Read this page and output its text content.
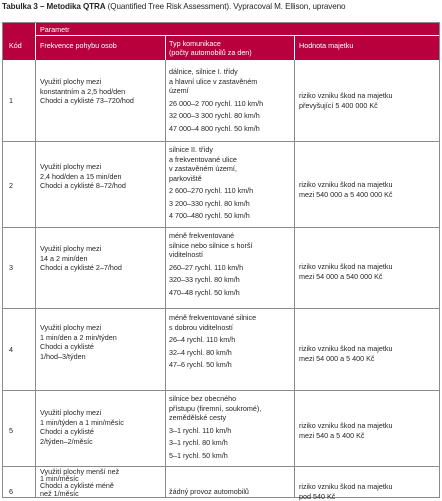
Tabulka 3 – Metodika QTRA (Quantified Tree Risk Assessment). Vypracoval M. Ellison, upraveno
Kód
Parametr
Frekvence pohybu osob	Typ komunikace
(počty automobilů za den)
Hodnota majetku
1
Využití plochy mezi
konstantním a 2,5 hod/den
Chodci a cyklisté 73–720/hod
dálnice, silnice I. třídy
a hlavní ulice v zastavěném
území
26 000–2 700 rychl. 110 km/h
32 000–3 300 rychl. 80 km/h
47 000–4 800 rychl. 50 km/h
riziko vzniku škod na majetku
převyšující 5 400 000 Kč
2
Využití plochy mezi
2,4 hod/den a 15 min/den
Chodci a cyklisté 8–72/hod
silnice II. třídy
a frekventované ulice
v zastavěném území,
parkoviště
2 600–270 rychl. 110 km/h
3 200–330 rychl. 80 km/h
4 700–480 rychl. 50 km/h
riziko vzniku škod na majetku
mezi 540 000 a 5 400 000 Kč
3
Využití plochy mezi
14 a 2 min/den
Chodci a cyklisté 2–7/hod
méně frekventované
silnice nebo silnice s horší
viditelností
260–27 rychl. 110 km/h
320–33 rychl. 80 km/h
470–48 rychl. 50 km/h
riziko vzniku škod na majetku
mezi 54 000 a 540 000 Kč
4
Využití plochy mezi
1 min/den a 2 min/týden
Chodci a cyklisté
1/hod–3/týden
méně frekventované silnice
s dobrou viditelností
26–4 rychl. 110 km/h
32–4 rychl. 80 km/h
47–6 rychl. 50 km/h
riziko vzniku škod na majetku
mezi 54 000 a 5 400 Kč
5
Využití plochy mezi
1 min/týden a 1 min/měsíc
Chodci a cyklisté
2/týden–2/měsíc
silnice bez obecného
přístupu (firemní, soukromé),
zemědělské cesty
3–1 rychl. 110 km/h
3–1 rychl. 80 km/h
5–1 rychl. 50 km/h
riziko vzniku škod na majetku
mezi 540 a 5 400 Kč
6
Využití plochy menší než
1 min/měsíc
Chodci a cyklisté méně
než 1/měsíc	žádný provoz automobilů
riziko vzniku škod na majetku
pod 540 Kč
